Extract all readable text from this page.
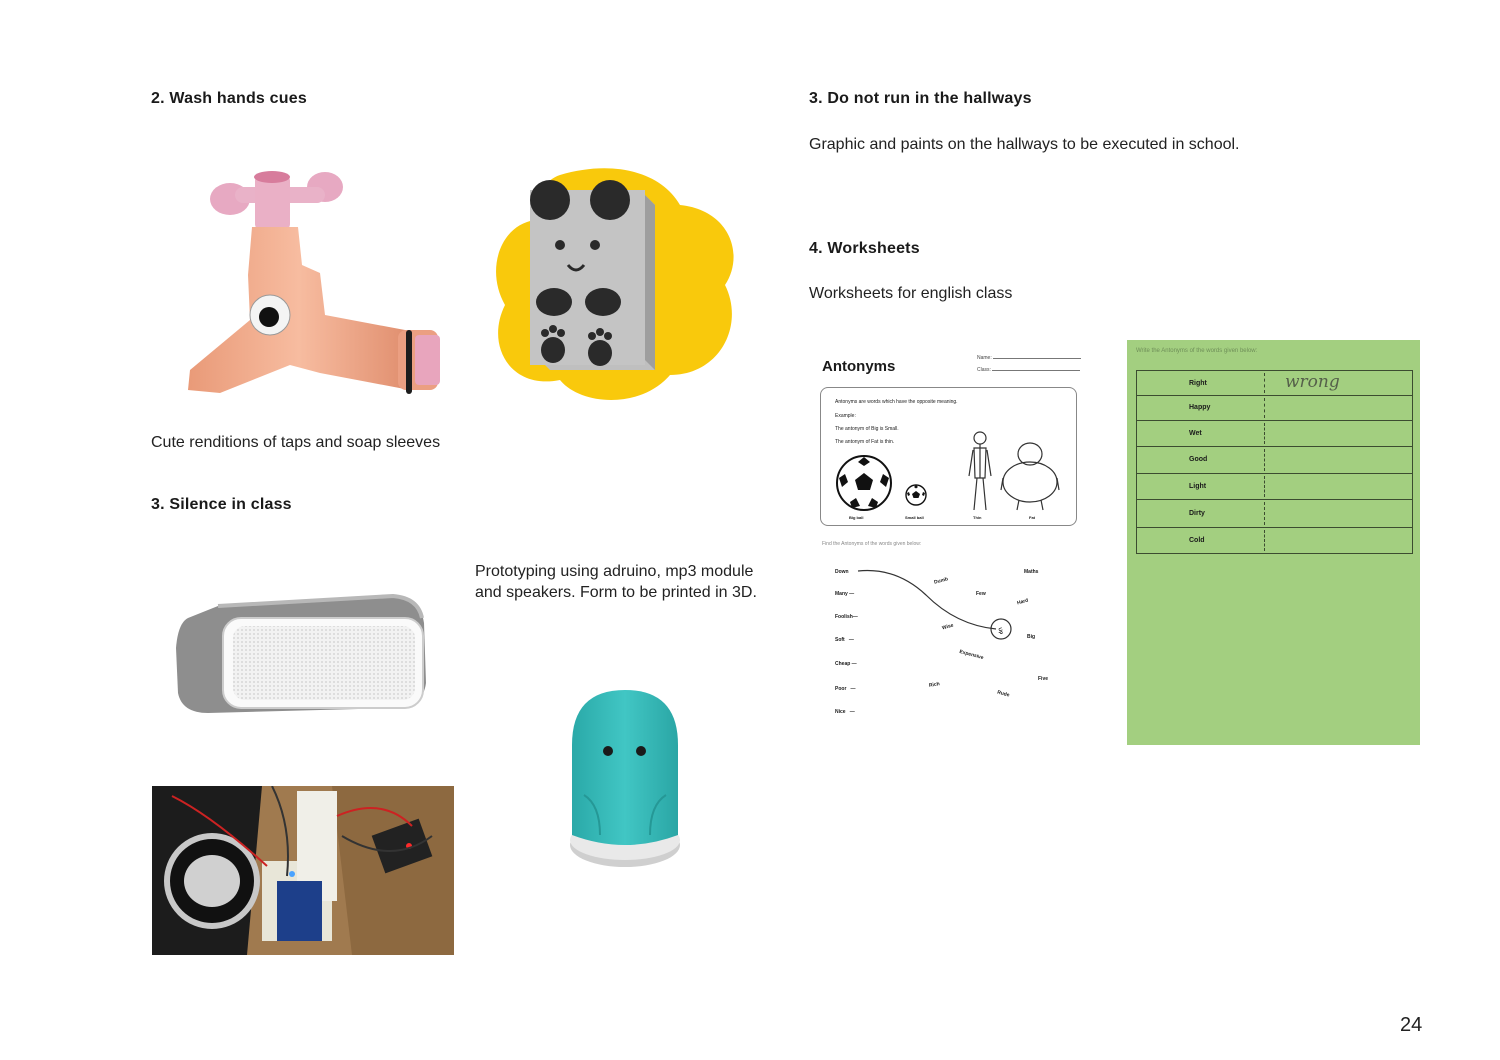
2. Wash hands cues
Cute renditions of taps and soap sleeves
3. Silence in class
Prototyping using adruino, mp3 module and speakers. Form to be printed in 3D.
3. Do not run in the hallways
Graphic and paints on the hallways to be executed in school.
4. Worksheets
Worksheets for english class
Antonyms	Name:
Class:
Antonyms are words which have the opposite meaning.
Example:
The antonym of Big is Small.
The antonym of Fat is thin.
Big ball	Small ball	Thin	Fat
Find the Antonyms of the words given below:
Down
Many —
Foolish—
Soft   —
Cheap —
Poor   —
Nice   —
Maths
Dumb
Few
Hard
Wise	Up
Big
Expensive
Rich
Rude
Five
Write the Antonyms of the words given below:
Right	wrong
Happy
Wet
Good
Light
Dirty
Cold
24
